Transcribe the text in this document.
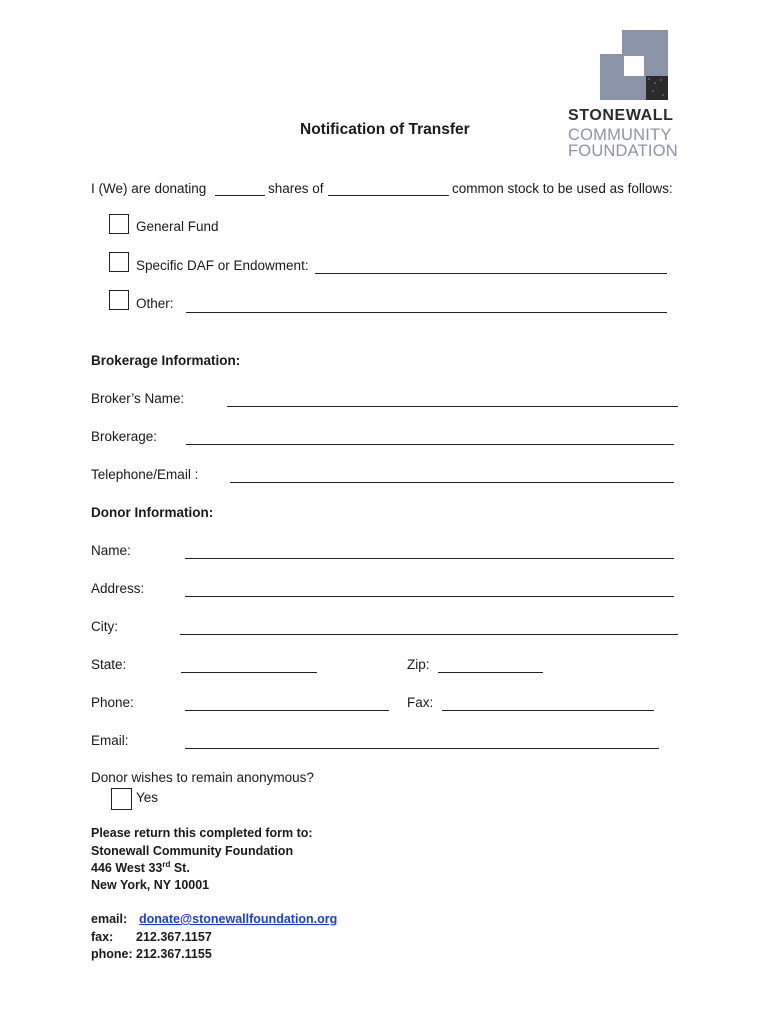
STONEWALL
COMMUNITY
FOUNDATION
Notification of Transfer
I (We) are donating	shares of	common stock to be used as follows:
General Fund
Specific DAF or Endowment:
Other:
Brokerage Information:
Broker’s Name:
Brokerage:
Telephone/Email :
Donor Information:
Name:
Address:
City:
State:	Zip:
Phone:	Fax:
Email:
Donor wishes to remain anonymous?
Yes
Please return this completed form to:
Stonewall Community Foundation
446 West 33rd St.
New York, NY 10001
email: donate@stonewallfoundation.org
fax: 212.367.1157
phone: 212.367.1155
